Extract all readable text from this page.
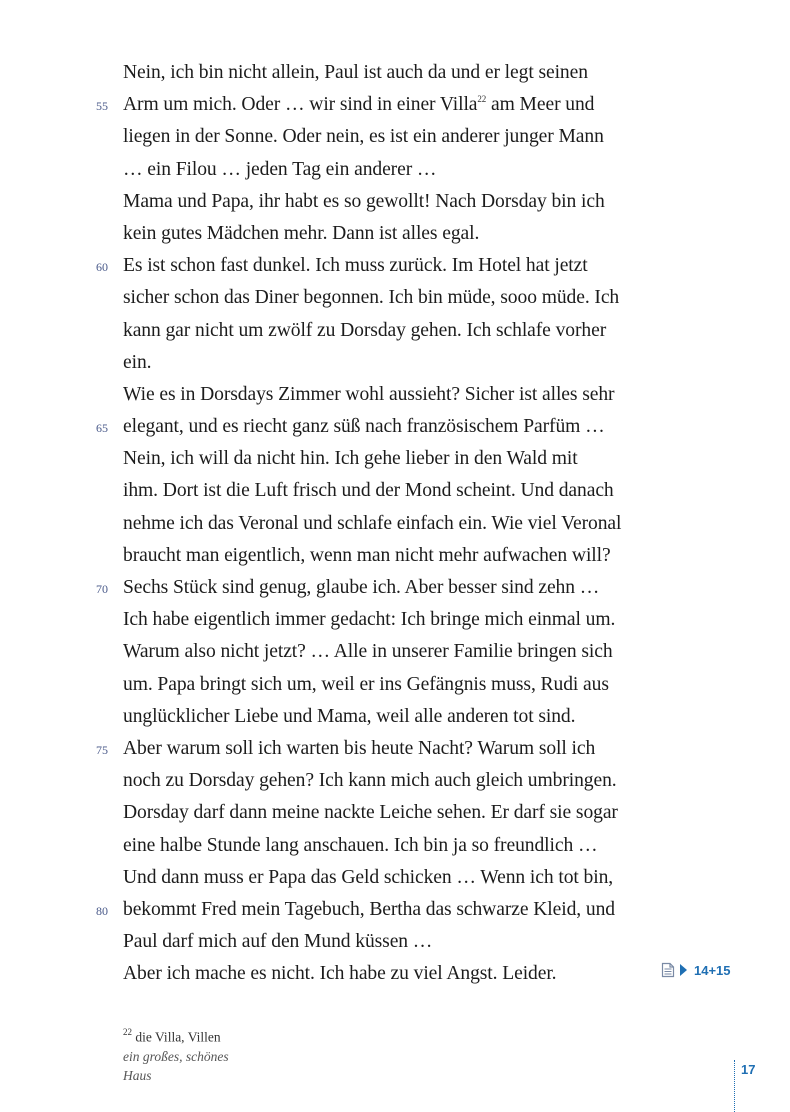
Nein, ich bin nicht allein, Paul ist auch da und er legt seinen
55 Arm um mich. Oder … wir sind in einer Villa$^{22}$ am Meer und
liegen in der Sonne. Oder nein, es ist ein anderer junger Mann
… ein Filou … jeden Tag ein anderer …
Mama und Papa, ihr habt es so gewollt! Nach Dorsday bin ich
kein gutes Mädchen mehr. Dann ist alles egal.
60 Es ist schon fast dunkel. Ich muss zurück. Im Hotel hat jetzt
sicher schon das Diner begonnen. Ich bin müde, sooo müde. Ich
kann gar nicht um zwölf zu Dorsday gehen. Ich schlafe vorher
ein.
Wie es in Dorsdays Zimmer wohl aussieht? Sicher ist alles sehr
65 elegant, und es riecht ganz süß nach französischem Parfüm …
Nein, ich will da nicht hin. Ich gehe lieber in den Wald mit
ihm. Dort ist die Luft frisch und der Mond scheint. Und danach
nehme ich das Veronal und schlafe einfach ein. Wie viel Veronal
braucht man eigentlich, wenn man nicht mehr aufwachen will?
70 Sechs Stück sind genug, glaube ich. Aber besser sind zehn …
Ich habe eigentlich immer gedacht: Ich bringe mich einmal um.
Warum also nicht jetzt? … Alle in unserer Familie bringen sich
um. Papa bringt sich um, weil er ins Gefängnis muss, Rudi aus
unglücklicher Liebe und Mama, weil alle anderen tot sind.
75 Aber warum soll ich warten bis heute Nacht? Warum soll ich
noch zu Dorsday gehen? Ich kann mich auch gleich umbringen.
Dorsday darf dann meine nackte Leiche sehen. Er darf sie sogar
eine halbe Stunde lang anschauen. Ich bin ja so freundlich …
Und dann muss er Papa das Geld schicken … Wenn ich tot bin,
80 bekommt Fred mein Tagebuch, Bertha das schwarze Kleid, und
Paul darf mich auf den Mund küssen …
Aber ich mache es nicht. Ich habe zu viel Angst. Leider.	14+15
$^{22}$ die Villa, Villen
ein großes, schönes
Haus	17
